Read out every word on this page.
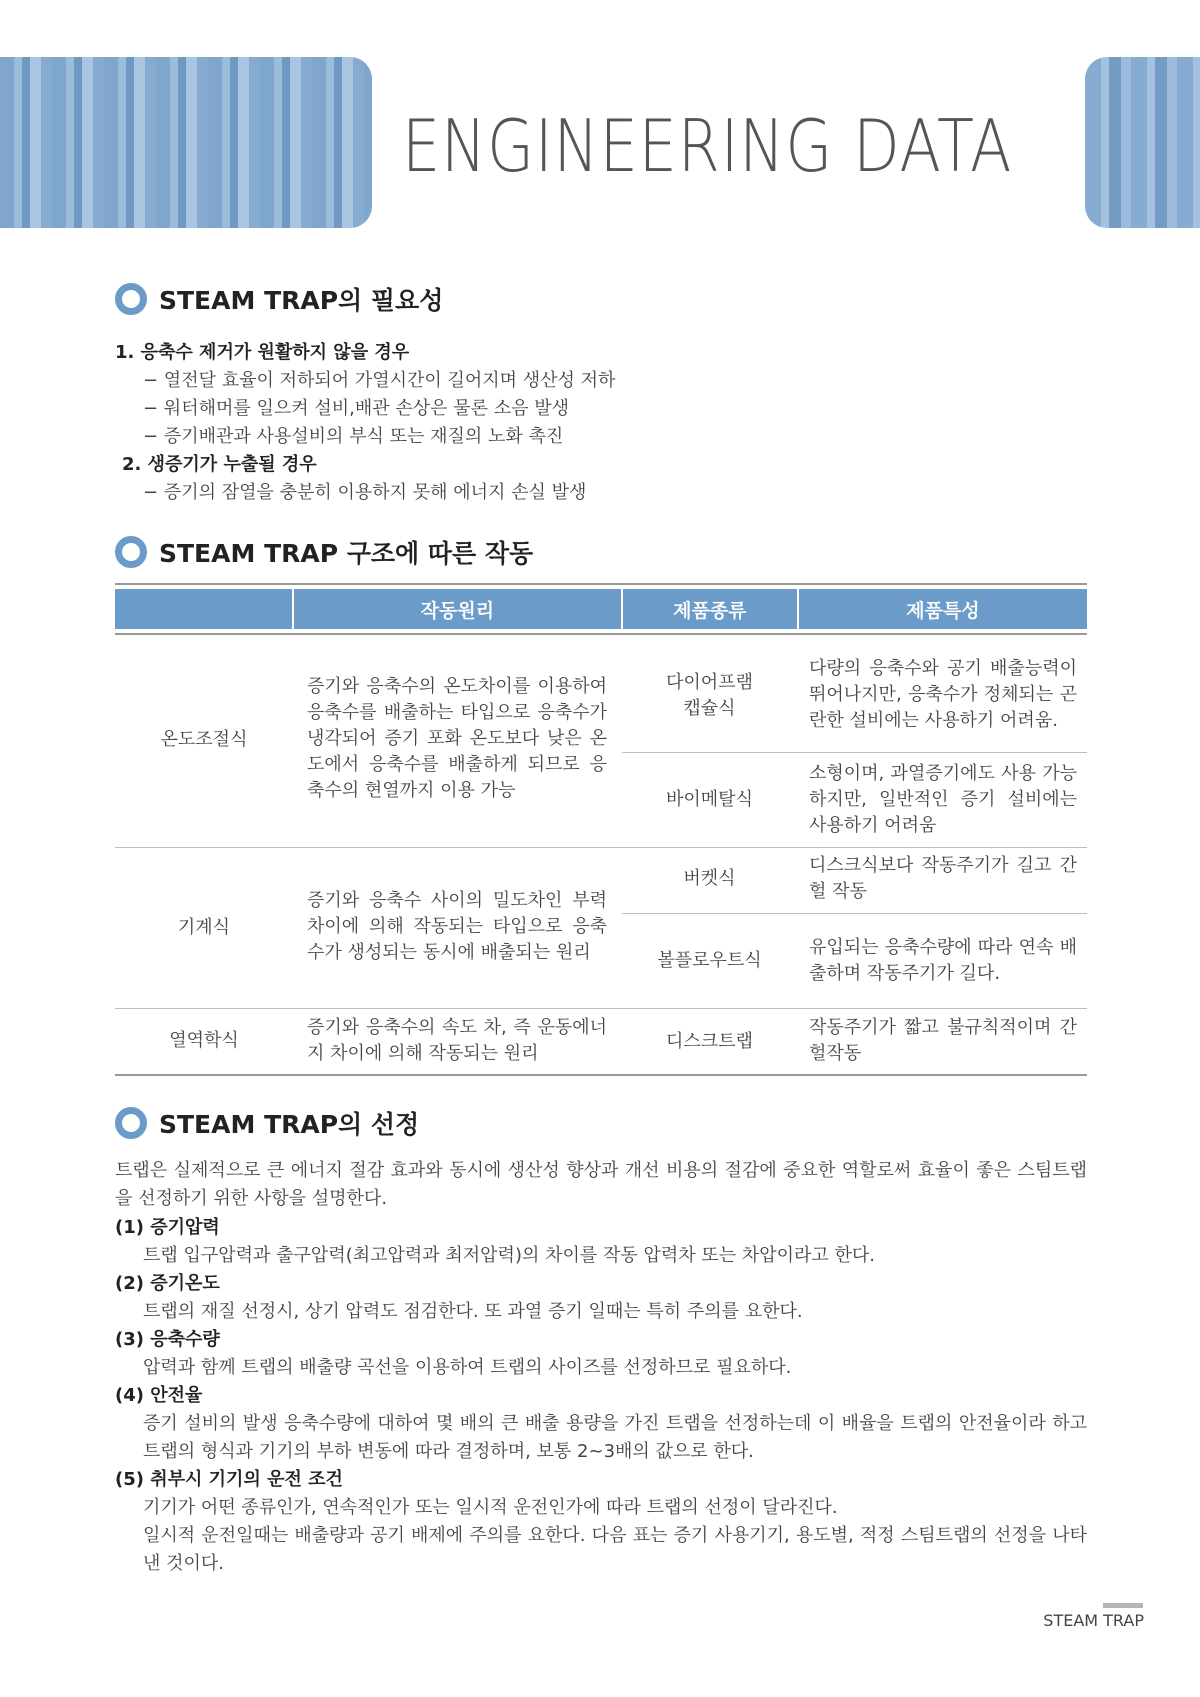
ENGINEERING DATA
STEAM TRAP의 필요성
1. 응축수 제거가 원활하지 않을 경우
− 열전달 효율이 저하되어 가열시간이 길어지며 생산성 저하
− 워터해머를 일으켜 설비,배관 손상은 물론 소음 발생
− 증기배관과 사용설비의 부식 또는 재질의 노화 촉진
2. 생증기가 누출될 경우
− 증기의 잠열을 충분히 이용하지 못해 에너지 손실 발생
STEAM TRAP 구조에 따른 작동
작동원리	제품종류	제품특성
온도조절식
증기와 응축수의 온도차이를 이용하여 응축수를 배출하는 타입으로 응축수가 냉각되어 증기 포화 온도보다 낮은 온도에서 응축수를 배출하게 되므로 응축수의 현열까지 이용 가능
다이어프램
캡슐식
다량의 응축수와 공기 배출능력이 뛰어나지만, 응축수가 정체되는 곤란한 설비에는 사용하기 어려움.
바이메탈식
소형이며, 과열증기에도 사용 가능하지만, 일반적인 증기 설비에는 사용하기 어려움
기계식
증기와 응축수 사이의 밀도차인 부력차이에 의해 작동되는 타입으로 응축수가 생성되는 동시에 배출되는 원리
버켓식
디스크식보다 작동주기가 길고 간헐 작동
볼플로우트식
유입되는 응축수량에 따라 연속 배출하며 작동주기가 길다.
열역학식
증기와 응축수의 속도 차, 즉 운동에너지 차이에 의해 작동되는 원리
디스크트랩
작동주기가 짧고 불규칙적이며 간헐작동
STEAM TRAP의 선정
트랩은 실제적으로 큰 에너지 절감 효과와 동시에 생산성 향상과 개선 비용의 절감에 중요한 역할로써 효율이 좋은 스팀트랩을 선정하기 위한 사항을 설명한다.
(1) 증기압력
트랩 입구압력과 출구압력(최고압력과 최저압력)의 차이를 작동 압력차 또는 차압이라고 한다.
(2) 증기온도
트랩의 재질 선정시, 상기 압력도 점검한다. 또 과열 증기 일때는 특히 주의를 요한다.
(3) 응축수량
압력과 함께 트랩의 배출량 곡선을 이용하여 트랩의 사이즈를 선정하므로 필요하다.
(4) 안전율
증기 설비의 발생 응축수량에 대하여 몇 배의 큰 배출 용량을 가진 트랩을 선정하는데 이 배율을 트랩의 안전율이라 하고 트랩의 형식과 기기의 부하 변동에 따라 결정하며, 보통 2~3배의 값으로 한다.
(5) 취부시 기기의 운전 조건
기기가 어떤 종류인가, 연속적인가 또는 일시적 운전인가에 따라 트랩의 선정이 달라진다.
일시적 운전일때는 배출량과 공기 배제에 주의를 요한다. 다음 표는 증기 사용기기, 용도별, 적정 스팀트랩의 선정을 나타낸 것이다.
STEAM TRAP
